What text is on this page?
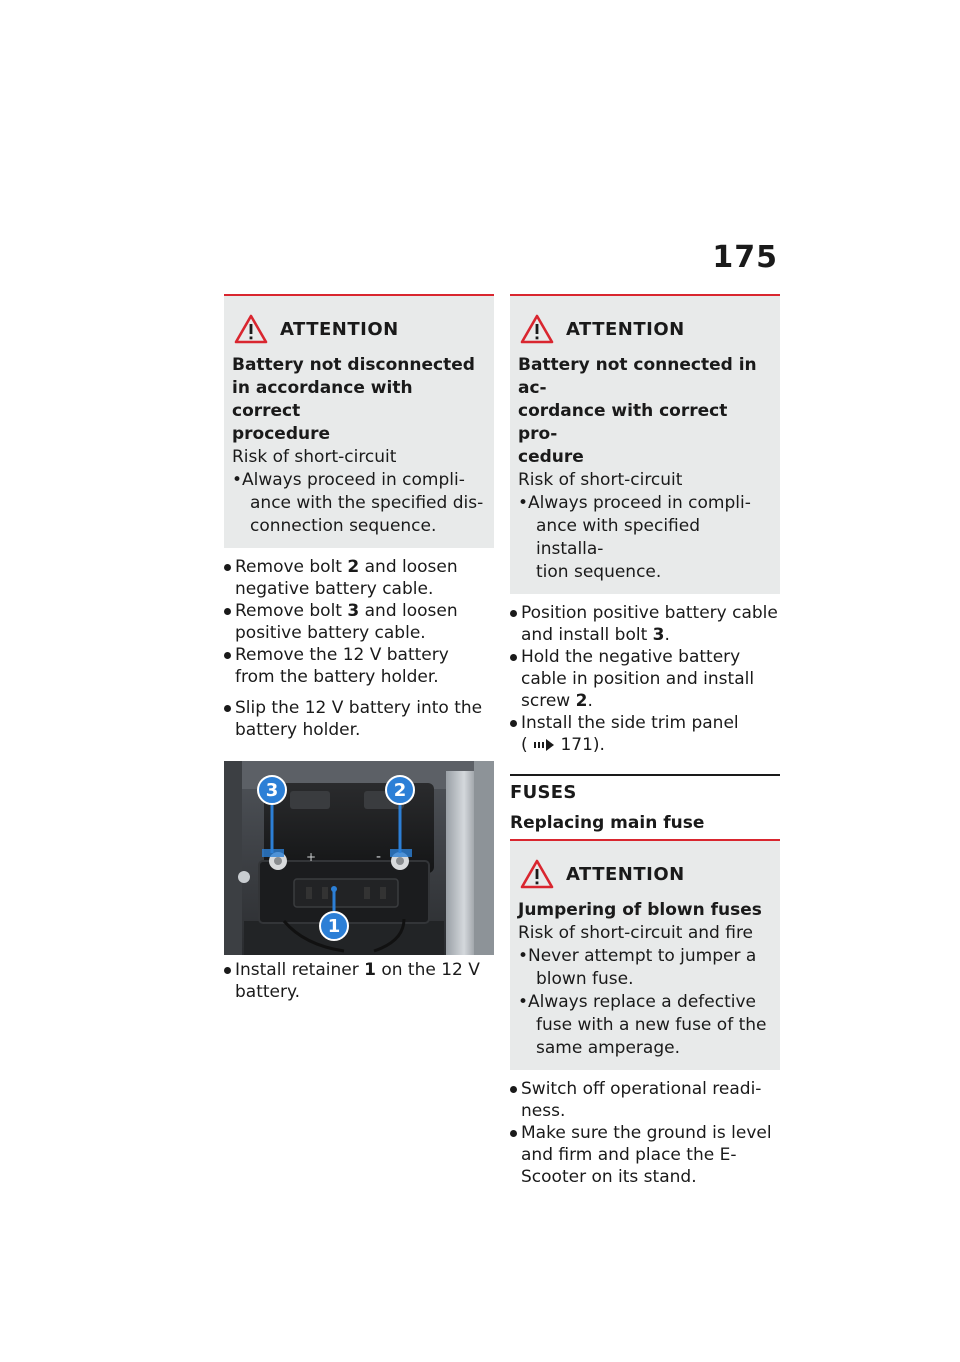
175
ATTENTION
Battery not disconnected
in accordance with correct
procedure
Risk of short-circuit
• Always proceed in compli-
ance with the specified dis-
connection sequence.
Remove bolt 2 and loosen
negative battery cable.
Remove bolt 3 and loosen
positive battery cable.
Remove the 12 V battery
from the battery holder.
Slip the 12 V battery into the
battery holder.
+	-
3	2
1
Install retainer 1 on the 12 V
battery.
ATTENTION
Battery not connected in ac-
cordance with correct pro-
cedure
Risk of short-circuit
• Always proceed in compli-
ance with specified installa-
tion sequence.
Position positive battery cable
and install bolt 3.
Hold the negative battery
cable in position and install
screw 2.
Install the side trim panel
( 171).
FUSES
Replacing main fuse
ATTENTION
Jumpering of blown fuses
Risk of short-circuit and fire
• Never attempt to jumper a
blown fuse.
• Always replace a defective
fuse with a new fuse of the
same amperage.
Switch off operational readi-
ness.
Make sure the ground is level
and firm and place the E-
Scooter on its stand.
